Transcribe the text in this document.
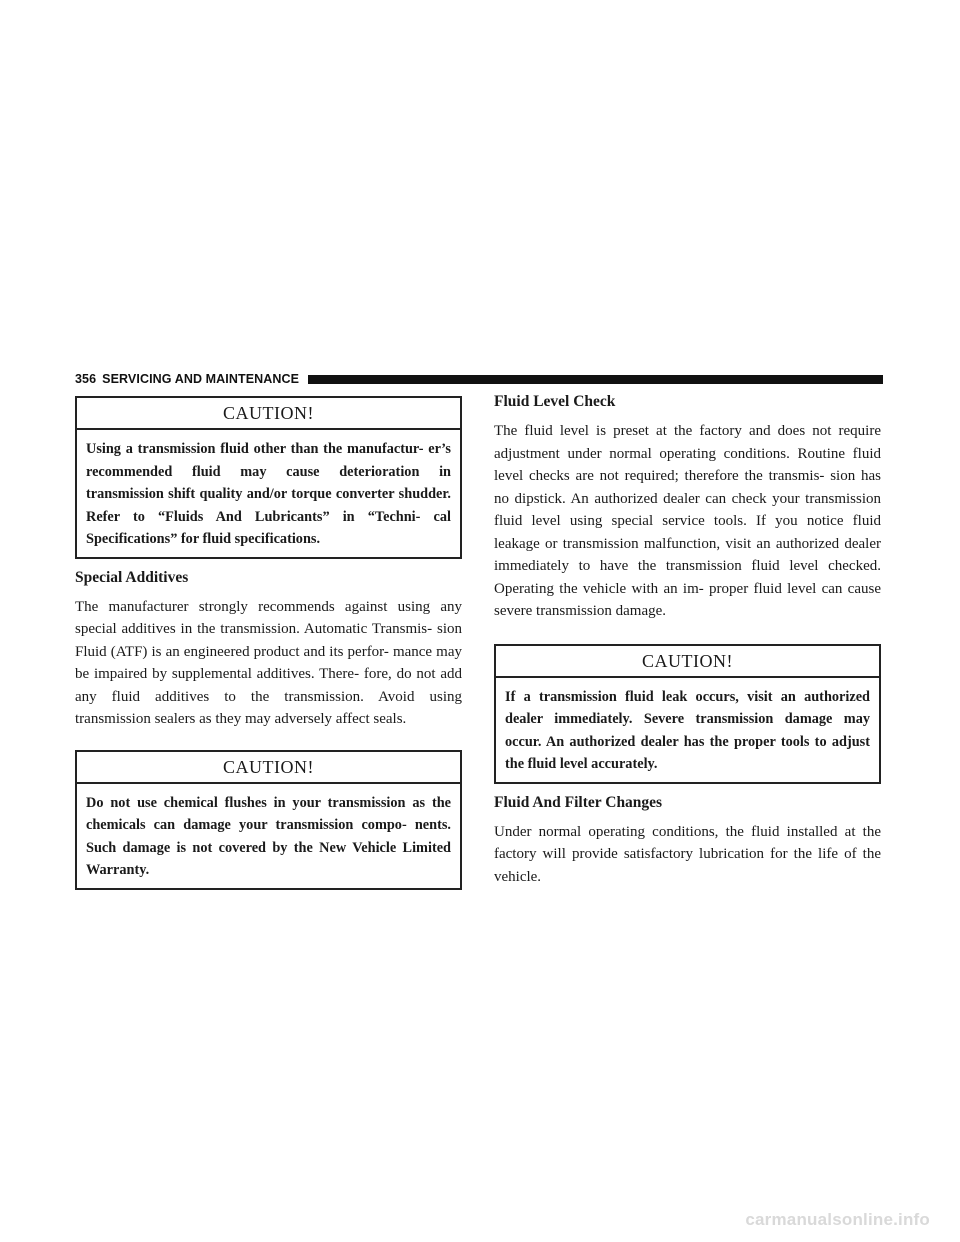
356 SERVICING AND MAINTENANCE
CAUTION!
Using a transmission fluid other than the manufactur- er’s recommended fluid may cause deterioration in transmission shift quality and/or torque converter shudder. Refer to “Fluids And Lubricants” in “Techni- cal Specifications” for fluid specifications.
Special Additives

The manufacturer strongly recommends against using any special additives in the transmission. Automatic Transmis- sion Fluid (ATF) is an engineered product and its perfor- mance may be impaired by supplemental additives. There- fore, do not add any fluid additives to the transmission. Avoid using transmission sealers as they may adversely affect seals.

CAUTION!
Do not use chemical flushes in your transmission as the chemicals can damage your transmission compo- nents. Such damage is not covered by the New Vehicle Limited Warranty.
Fluid Level Check

The fluid level is preset at the factory and does not require adjustment under normal operating conditions. Routine fluid level checks are not required; therefore the transmis- sion has no dipstick. An authorized dealer can check your transmission fluid level using special service tools. If you notice fluid leakage or transmission malfunction, visit an authorized dealer immediately to have the transmission fluid level checked. Operating the vehicle with an im- proper fluid level can cause severe transmission damage.

CAUTION!
If a transmission fluid leak occurs, visit an authorized dealer immediately. Severe transmission damage may occur. An authorized dealer has the proper tools to adjust the fluid level accurately.
Fluid And Filter Changes

Under normal operating conditions, the fluid installed at the factory will provide satisfactory lubrication for the life of the vehicle.

carmanualsonline.info
